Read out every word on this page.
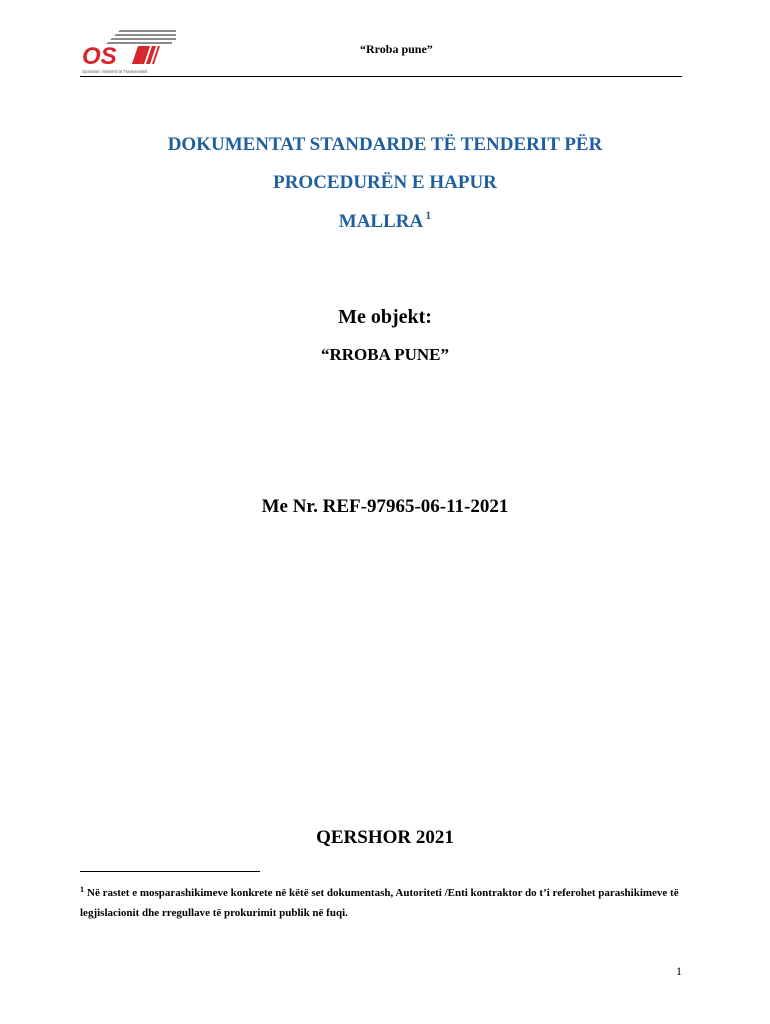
OS
Operatori i Sistemit të Transmetimit
“Rroba pune”
DOKUMENTAT STANDARDE TË TENDERIT PËR
PROCEDURËN E HAPUR
MALLRA $^1$
Me objekt:
“RROBA PUNE”
Me Nr. REF-97965-06-11-2021
QERSHOR 2021
$^1$ Në rastet e mosparashikimeve konkrete në këtë set dokumentash, Autoriteti /Enti kontraktor do t’i referohet parashikimeve të legjislacionit dhe rregullave të prokurimit publik në fuqi.
1
